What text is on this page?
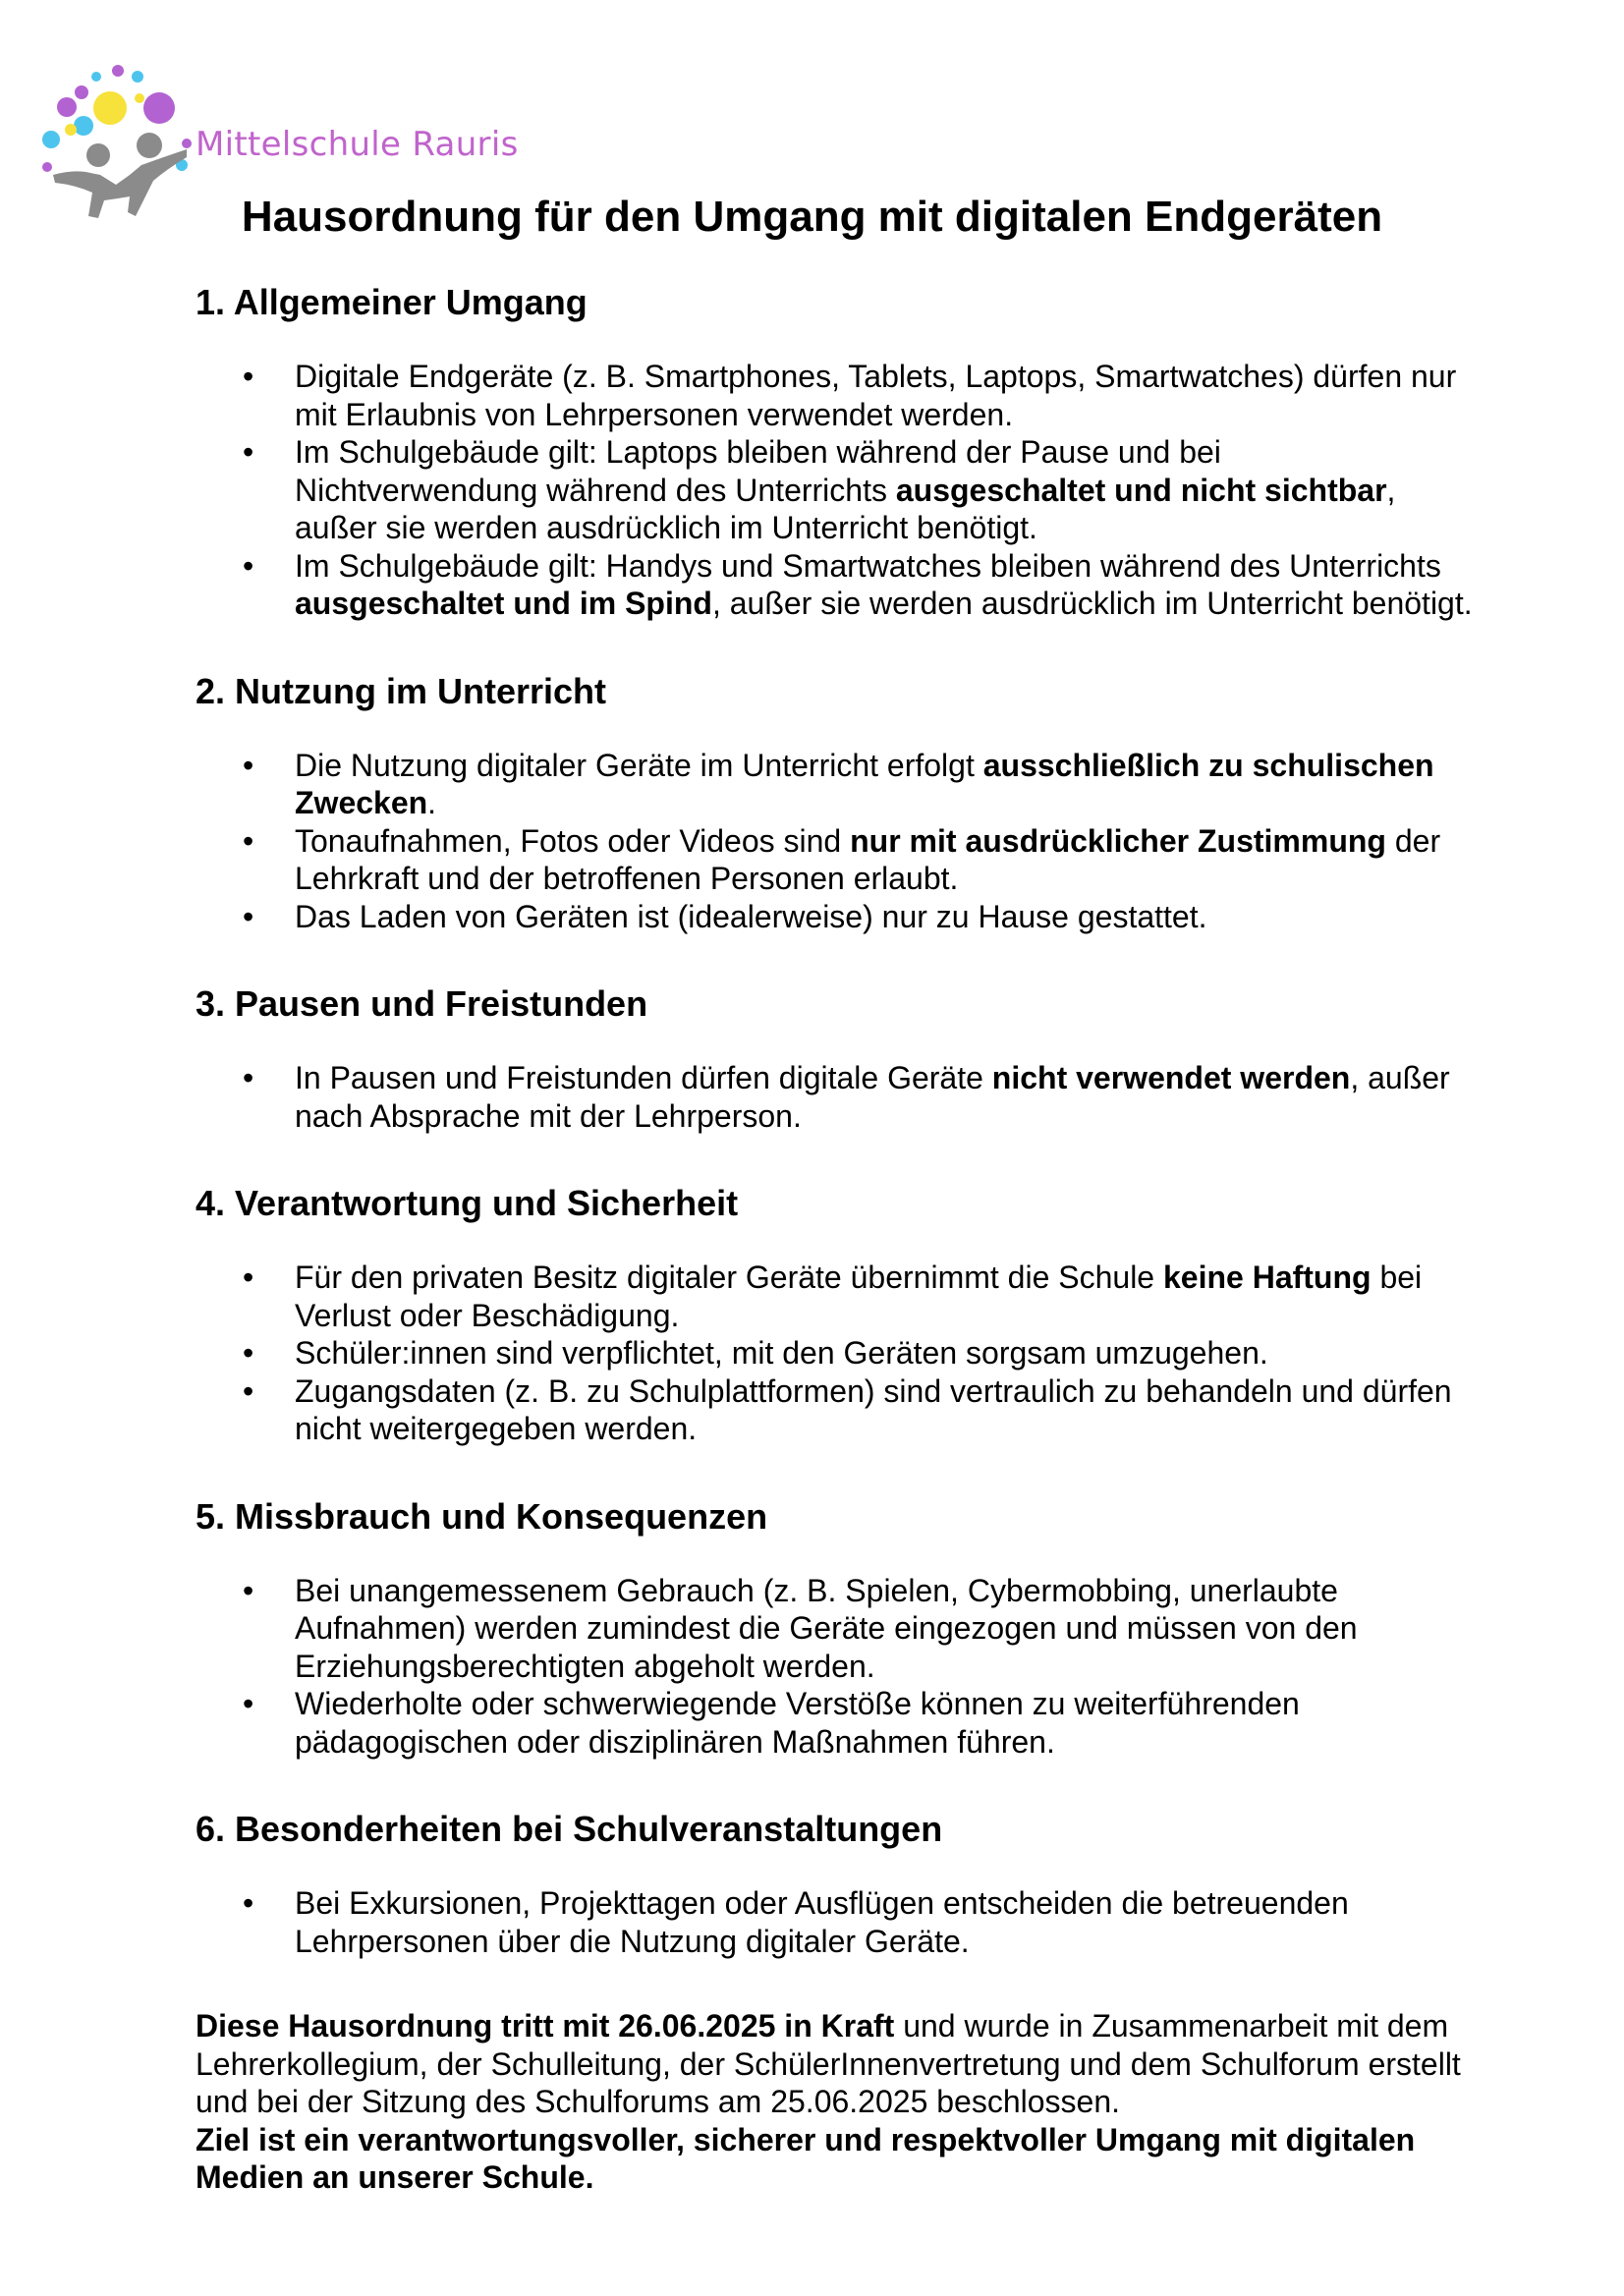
Mittelschule Rauris
Hausordnung für den Umgang mit digitalen Endgeräten
1. Allgemeiner Umgang
• Digitale Endgeräte (z. B. Smartphones, Tablets, Laptops, Smartwatches) dürfen nur mit Erlaubnis von Lehrpersonen verwendet werden.
• Im Schulgebäude gilt: Laptops bleiben während der Pause und bei Nichtverwendung während des Unterrichts ausgeschaltet und nicht sichtbar, außer sie werden ausdrücklich im Unterricht benötigt.
• Im Schulgebäude gilt: Handys und Smartwatches bleiben während des Unterrichts ausgeschaltet und im Spind, außer sie werden ausdrücklich im Unterricht benötigt.
2. Nutzung im Unterricht
• Die Nutzung digitaler Geräte im Unterricht erfolgt ausschließlich zu schulischen Zwecken.
• Tonaufnahmen, Fotos oder Videos sind nur mit ausdrücklicher Zustimmung der Lehrkraft und der betroffenen Personen erlaubt.
• Das Laden von Geräten ist (idealerweise) nur zu Hause gestattet.
3. Pausen und Freistunden
• In Pausen und Freistunden dürfen digitale Geräte nicht verwendet werden, außer nach Absprache mit der Lehrperson.
4. Verantwortung und Sicherheit
• Für den privaten Besitz digitaler Geräte übernimmt die Schule keine Haftung bei Verlust oder Beschädigung.
• Schüler:innen sind verpflichtet, mit den Geräten sorgsam umzugehen.
• Zugangsdaten (z. B. zu Schulplattformen) sind vertraulich zu behandeln und dürfen nicht weitergegeben werden.
5. Missbrauch und Konsequenzen
• Bei unangemessenem Gebrauch (z. B. Spielen, Cybermobbing, unerlaubte Aufnahmen) werden zumindest die Geräte eingezogen und müssen von den Erziehungsberechtigten abgeholt werden.
• Wiederholte oder schwerwiegende Verstöße können zu weiterführenden pädagogischen oder disziplinären Maßnahmen führen.
6. Besonderheiten bei Schulveranstaltungen
• Bei Exkursionen, Projekttagen oder Ausflügen entscheiden die betreuenden Lehrpersonen über die Nutzung digitaler Geräte.

Diese Hausordnung tritt mit 26.06.2025 in Kraft und wurde in Zusammenarbeit mit dem Lehrerkollegium, der Schulleitung, der SchülerInnenvertretung und dem Schulforum erstellt und bei der Sitzung des Schulforums am 25.06.2025 beschlossen.

Ziel ist ein verantwortungsvoller, sicherer und respektvoller Umgang mit digitalen Medien an unserer Schule.
